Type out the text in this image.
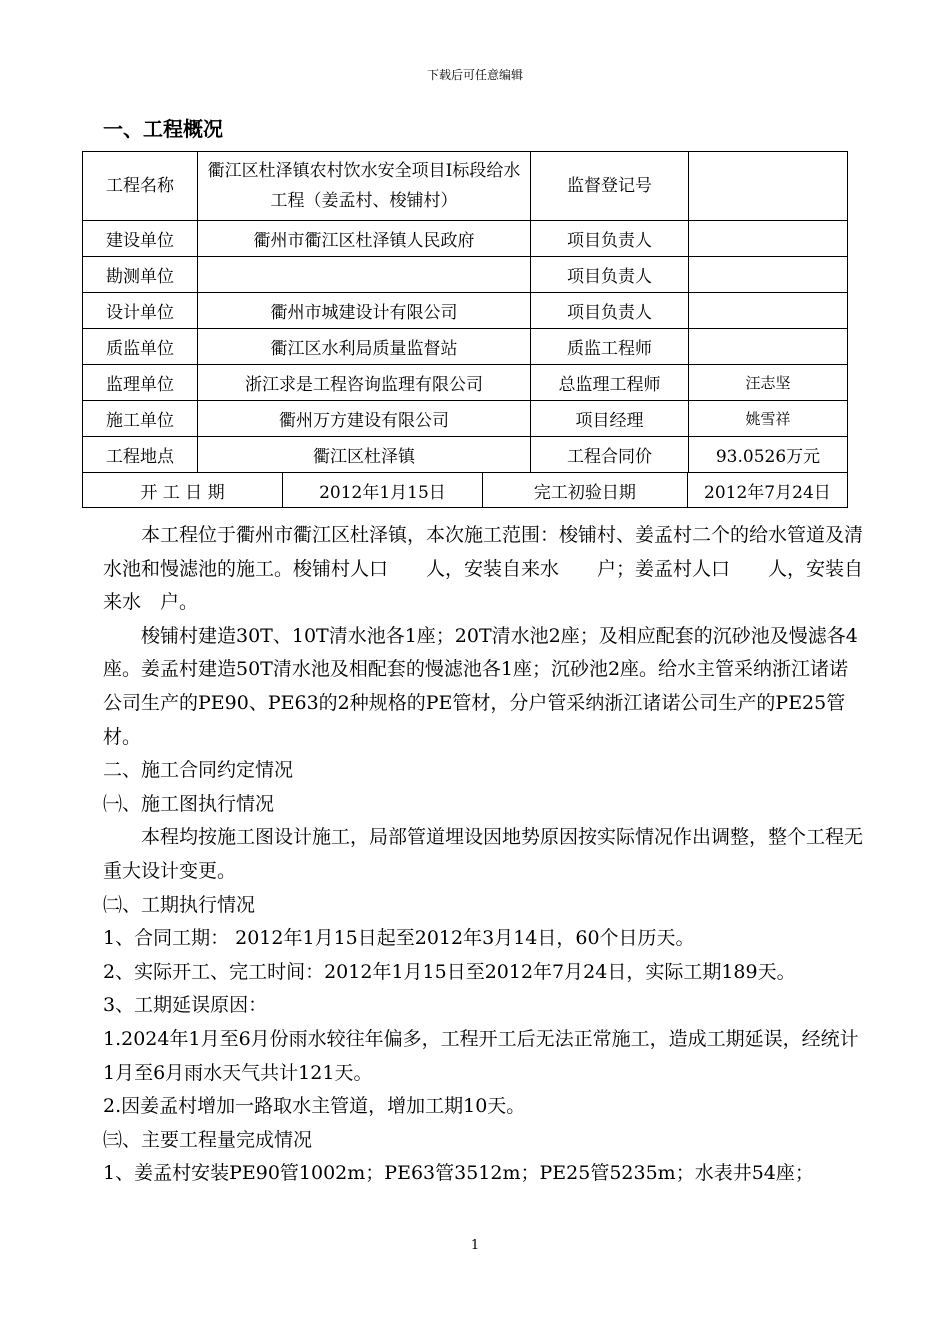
下载后可任意编辑
一、工程概况
工程名称	衢江区杜泽镇农村饮水安全项目Ⅰ标段给水工程（姜孟村、梭铺村）	监督登记号	
建设单位	衢州市衢江区杜泽镇人民政府	项目负责人	
勘测单位		项目负责人	
设计单位	衢州市城建设计有限公司	项目负责人	
质监单位	衢江区水利局质量监督站	质监工程师	
监理单位	浙江求是工程咨询监理有限公司	总监理工程师	汪志坚
施工单位	衢州万方建设有限公司	项目经理	姚雪祥
工程地点	衢江区杜泽镇	工程合同价	93.0526万元

开 工 日 期 2012年1月15日 完工初验日期 2012年7月24日			

本工程位于衢州市衢江区杜泽镇，本次施工范围：梭铺村、姜孟村二个的给水管道及清水池和慢滤池的施工。梭铺村人口　　人，安装自来水　　户；姜孟村人口　　人，安装自来水　户。

梭铺村建造30T、10T清水池各1座；20T清水池2座；及相应配套的沉砂池及慢滤各4座。姜孟村建造50T清水池及相配套的慢滤池各1座；沉砂池2座。给水主管采纳浙江诸诺公司生产的PE90、PE63的2种规格的PE管材，分户管采纳浙江诸诺公司生产的PE25管材。

二、施工合同约定情况

㈠、施工图执行情况

本程均按施工图设计施工，局部管道埋设因地势原因按实际情况作出调整，整个工程无重大设计变更。

㈡、工期执行情况

1、合同工期： 2012年1月15日起至2012年3月14日，60个日历天。

2、实际开工、完工时间：2012年1月15日至2012年7月24日，实际工期189天。

3、工期延误原因：

1.2024年1月至6月份雨水较往年偏多，工程开工后无法正常施工，造成工期延误，经统计1月至6月雨水天气共计121天。

2.因姜孟村增加一路取水主管道，增加工期10天。

㈢、主要工程量完成情况

1、姜孟村安装PE90管1002m；PE63管3512m；PE25管5235m；水表井54座；

1
